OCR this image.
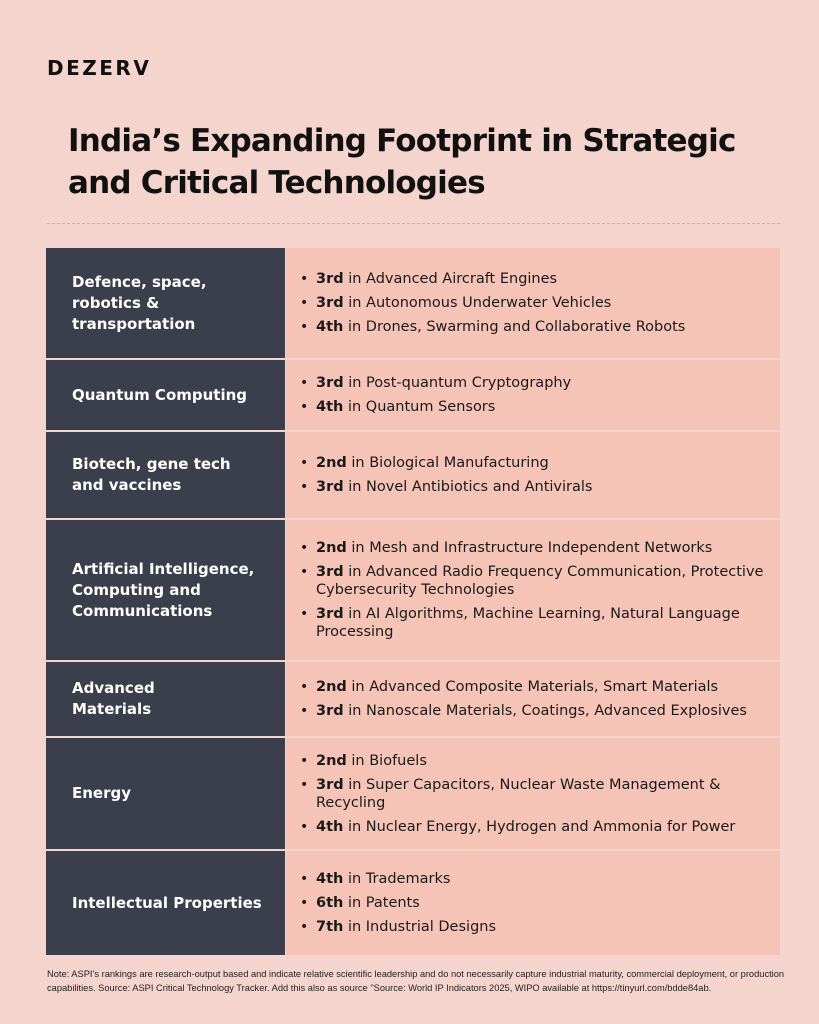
DEZERV
India’s Expanding Footprint in Strategic
and Critical Technologies
Defence, space,
robotics &
transportation
• 3rd in Advanced Aircraft Engines
• 3rd in Autonomous Underwater Vehicles
• 4th in Drones, Swarming and Collaborative Robots
Quantum Computing
• 3rd in Post-quantum Cryptography
• 4th in Quantum Sensors
Biotech, gene tech
and vaccines
• 2nd in Biological Manufacturing
• 3rd in Novel Antibiotics and Antivirals
Artificial Intelligence,
Computing and
Communications
• 2nd in Mesh and Infrastructure Independent Networks
• 3rd in Advanced Radio Frequency Communication, Protective Cybersecurity Technologies
• 3rd in AI Algorithms, Machine Learning, Natural Language Processing
Advanced
Materials
• 2nd in Advanced Composite Materials, Smart Materials
• 3rd in Nanoscale Materials, Coatings, Advanced Explosives
Energy
• 2nd in Biofuels
• 3rd in Super Capacitors, Nuclear Waste Management & Recycling
• 4th in Nuclear Energy, Hydrogen and Ammonia for Power
Intellectual Properties
• 4th in Trademarks
• 6th in Patents
• 7th in Industrial Designs
Note: ASPI’s rankings are research-output based and indicate relative scientific leadership and do not necessarily capture industrial maturity, commercial deployment, or production capabilities. Source: ASPI Critical Technology Tracker. Add this also as source "Source: World IP Indicators 2025, WIPO available at https://tinyurl.com/bdde84ab.
